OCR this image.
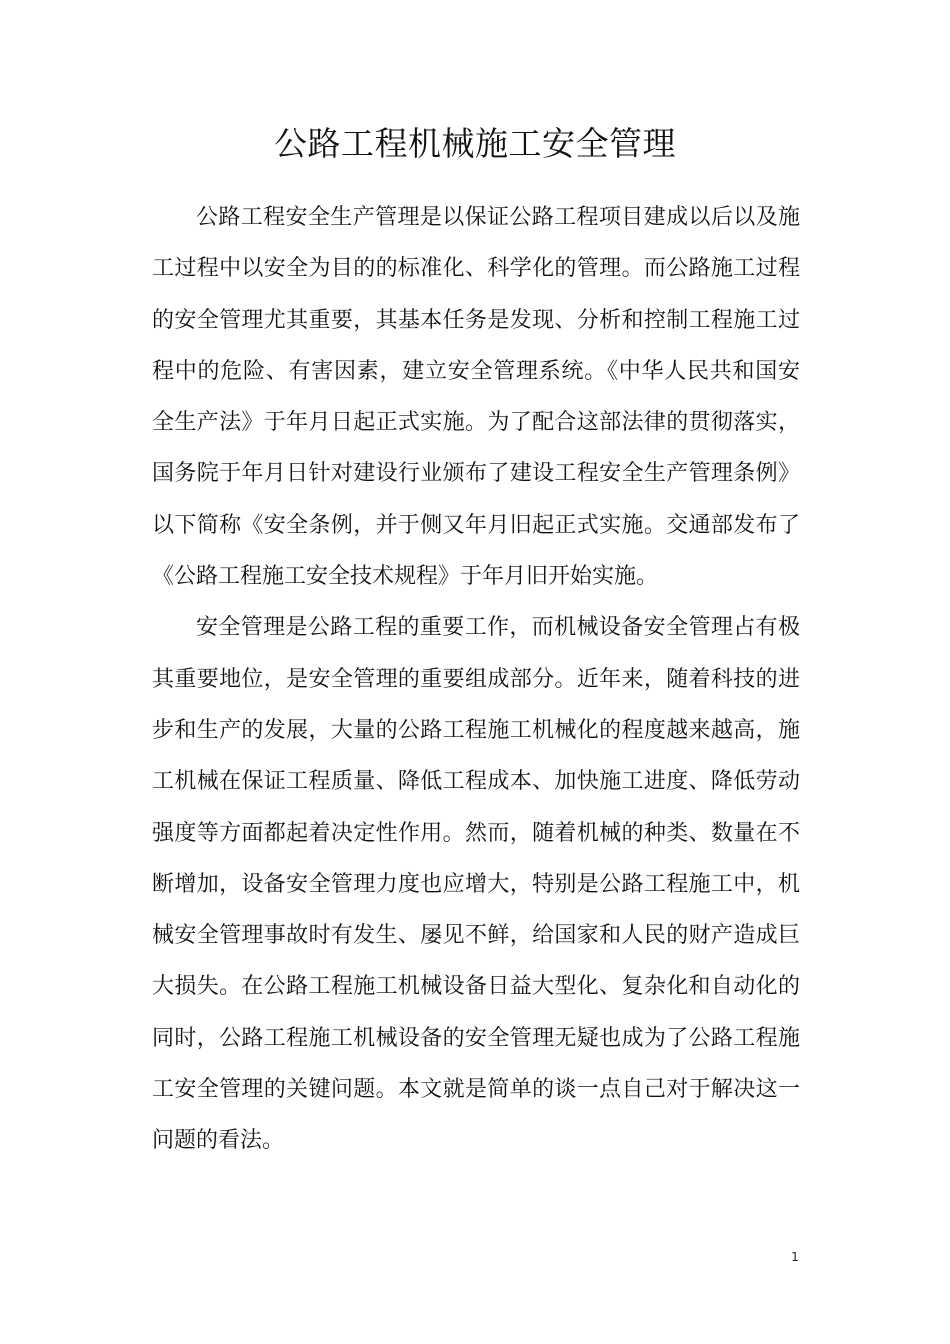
公路工程机械施工安全管理

公路工程安全生产管理是以保证公路工程项目建成以后以及施工过程中以安全为目的的标准化、科学化的管理。而公路施工过程的安全管理尤其重要，其基本任务是发现、分析和控制工程施工过程中的危险、有害因素，建立安全管理系统。《中华人民共和国安全生产法》于年月日起正式实施。为了配合这部法律的贯彻落实，国务院于年月日针对建设行业颁布了建设工程安全生产管理条例》以下简称《安全条例，并于侧又年月旧起正式实施。交通部发布了《公路工程施工安全技术规程》于年月旧开始实施。

安全管理是公路工程的重要工作，而机械设备安全管理占有极其重要地位，是安全管理的重要组成部分。近年来，随着科技的进步和生产的发展，大量的公路工程施工机械化的程度越来越高，施工机械在保证工程质量、降低工程成本、加快施工进度、降低劳动强度等方面都起着决定性作用。然而，随着机械的种类、数量在不断增加，设备安全管理力度也应增大，特别是公路工程施工中，机械安全管理事故时有发生、屡见不鲜，给国家和人民的财产造成巨大损失。在公路工程施工机械设备日益大型化、复杂化和自动化的同时，公路工程施工机械设备的安全管理无疑也成为了公路工程施工安全管理的关键问题。本文就是简单的谈一点自己对于解决这一问题的看法。

1
